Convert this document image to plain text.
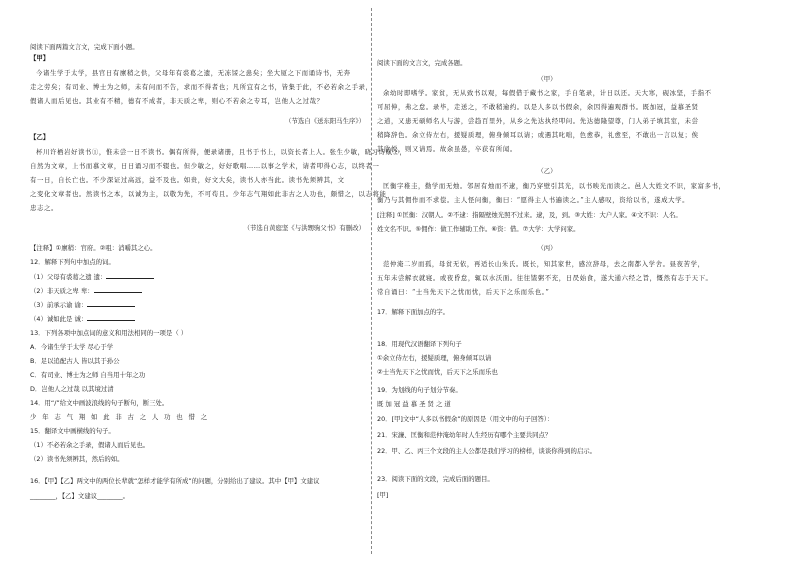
阅读下面两篇文言文，完成下面小题。
【甲】
今诸生学于太学，县官日有廪稍之供，父母年有裘葛之遗，无冻馁之患矣；坐大厦之下而诵诗书，无奔
走之劳矣；有司业、博士为之师，未有问而不告，求而不得者也；凡所宜有之书，皆集于此，不必若余之手录，
假诸人而后见也。其业有不精，德有不成者，非天质之卑，则心不若余之专耳，岂他人之过哉？
（节选自《送东阳马生序》）
【乙】
杯川许栖岩好读书①，惟未尝一日不读书。偶有所得，便录诸册，且书于书上，以资长者上人。张生少敏，晓习诗赋②，
自然为文章，上书而慕文章，日日诵习而不辍也。但少敏之，好好歌唱……以事之学术，请者叩得心志，以终者一
有一日，自长亡也。不少深证过高远，益不及也。如贵，好文大矣，读书人亦当此。读书先须辨其，文
之变化文章者也。然读书之本，以诚为主，以敬为先，不可苟且。少年志气翔如此非古之人功也，颇惜之，以志将能
忠志之。
（节选自黄庭坚《与洪甥驹父书》有删改）
【注释】①廪稍：官府。②咀：消嚼其之心。
12．解释下列句中加点的词。
（1）父母有裘葛之遗 遗：
（2）非天质之卑 卑：
（3）前承示谕 谕：
（4）诚如此是 诚：
13．下列各项中加点词的意义和用法相同的一项是（ ）
A．今诸生学于太学 尽心于学
B．足以追配古人 皆以其于孙公
C．有司业、博士为之师 自当用十年之功
D．岂他人之过哉 以其境过清
14．用“/”给文中画波浪线的句子断句，断三处。
少年志气翔如此非古之人功也惜之
15．翻译文中画横线的句子。
（1）不必若余之手录，假诸人而后见也。
（2）读书先须辨其，然后的如。
16．【甲】【乙】两文中的两位长辈就“怎样才能学有所成”的问题，分别给出了建议。其中【甲】文建议
________，【乙】文建议________。
阅读下面的文言文，完成各题。
（甲）
余幼时即嗜学。家贫，无从致书以观，每假借于藏书之家，手自笔录，计日以还。天大寒，砚冰坚，手指不
可屈伸，弗之怠。录毕，走送之，不敢稍逾约。以是人多以书假余，余因得遍观群书。既加冠，益慕圣贤
之道，又患无硕师名人与游，尝趋百里外，从乡之先达执经叩问。先达德隆望尊，门人弟子填其室，未尝
稍降辞色。余立侍左右，援疑质理，俯身倾耳以请；或遇其叱咄，色愈恭，礼愈至，不敢出一言以复；俟
其欣悦，则又请焉。故余虽愚，卒获有所闻。
（乙）
匡衡字稚圭，勤学而无烛。邻居有烛而不逮，衡乃穿壁引其光，以书映光而读之。邑人大姓文不识，家富多书，
衡乃与其佣作而不求偿。主人怪问衡，衡曰：“愿得主人书遍读之。”主人感叹，资给以书，遂成大学。
[注释] ①匡衡：汉朝人。②不逮：指隔壁烛光照不过来。逮，及，到。③大姓：大户人家。④文不识：人名。
姓文名不识。⑤佣作：做工作辅助工作。⑥资：借。⑦大学：大学问家。
（丙）
范仲淹二岁而孤，母贫无依，再适长山朱氏。既长，知其家世，感泣辞母，去之南都入学舍。昼夜苦学，
五年未尝解衣就寝。或夜昏怠，辄以水沃面。往往馇粥不充，日昃始食，遂大通六经之旨，慨然有志于天下。
常自诵曰：“士当先天下之忧而忧，后天下之乐而乐也。”
17．解释下面加点的字。
18．用现代汉语翻译下列句子
①余立侍左右，援疑质理，俯身倾耳以请
②士当先天下之忧而忧，后天下之乐而乐也
19．为划线的句子划分节奏。
既 加 冠 益 慕 圣 贤 之 道
20．[甲]文中“人多以书假余”的原因是（用文中的句子回答）：
21．宋濂、匡衡和范仲淹幼年时人生经历有哪个主要共同点？
22．甲、乙、丙三个文段的主人公都是我们学习的榜样，谈谈你得到的启示。
23．阅读下面的文段，完成后面的题目。
[甲]
